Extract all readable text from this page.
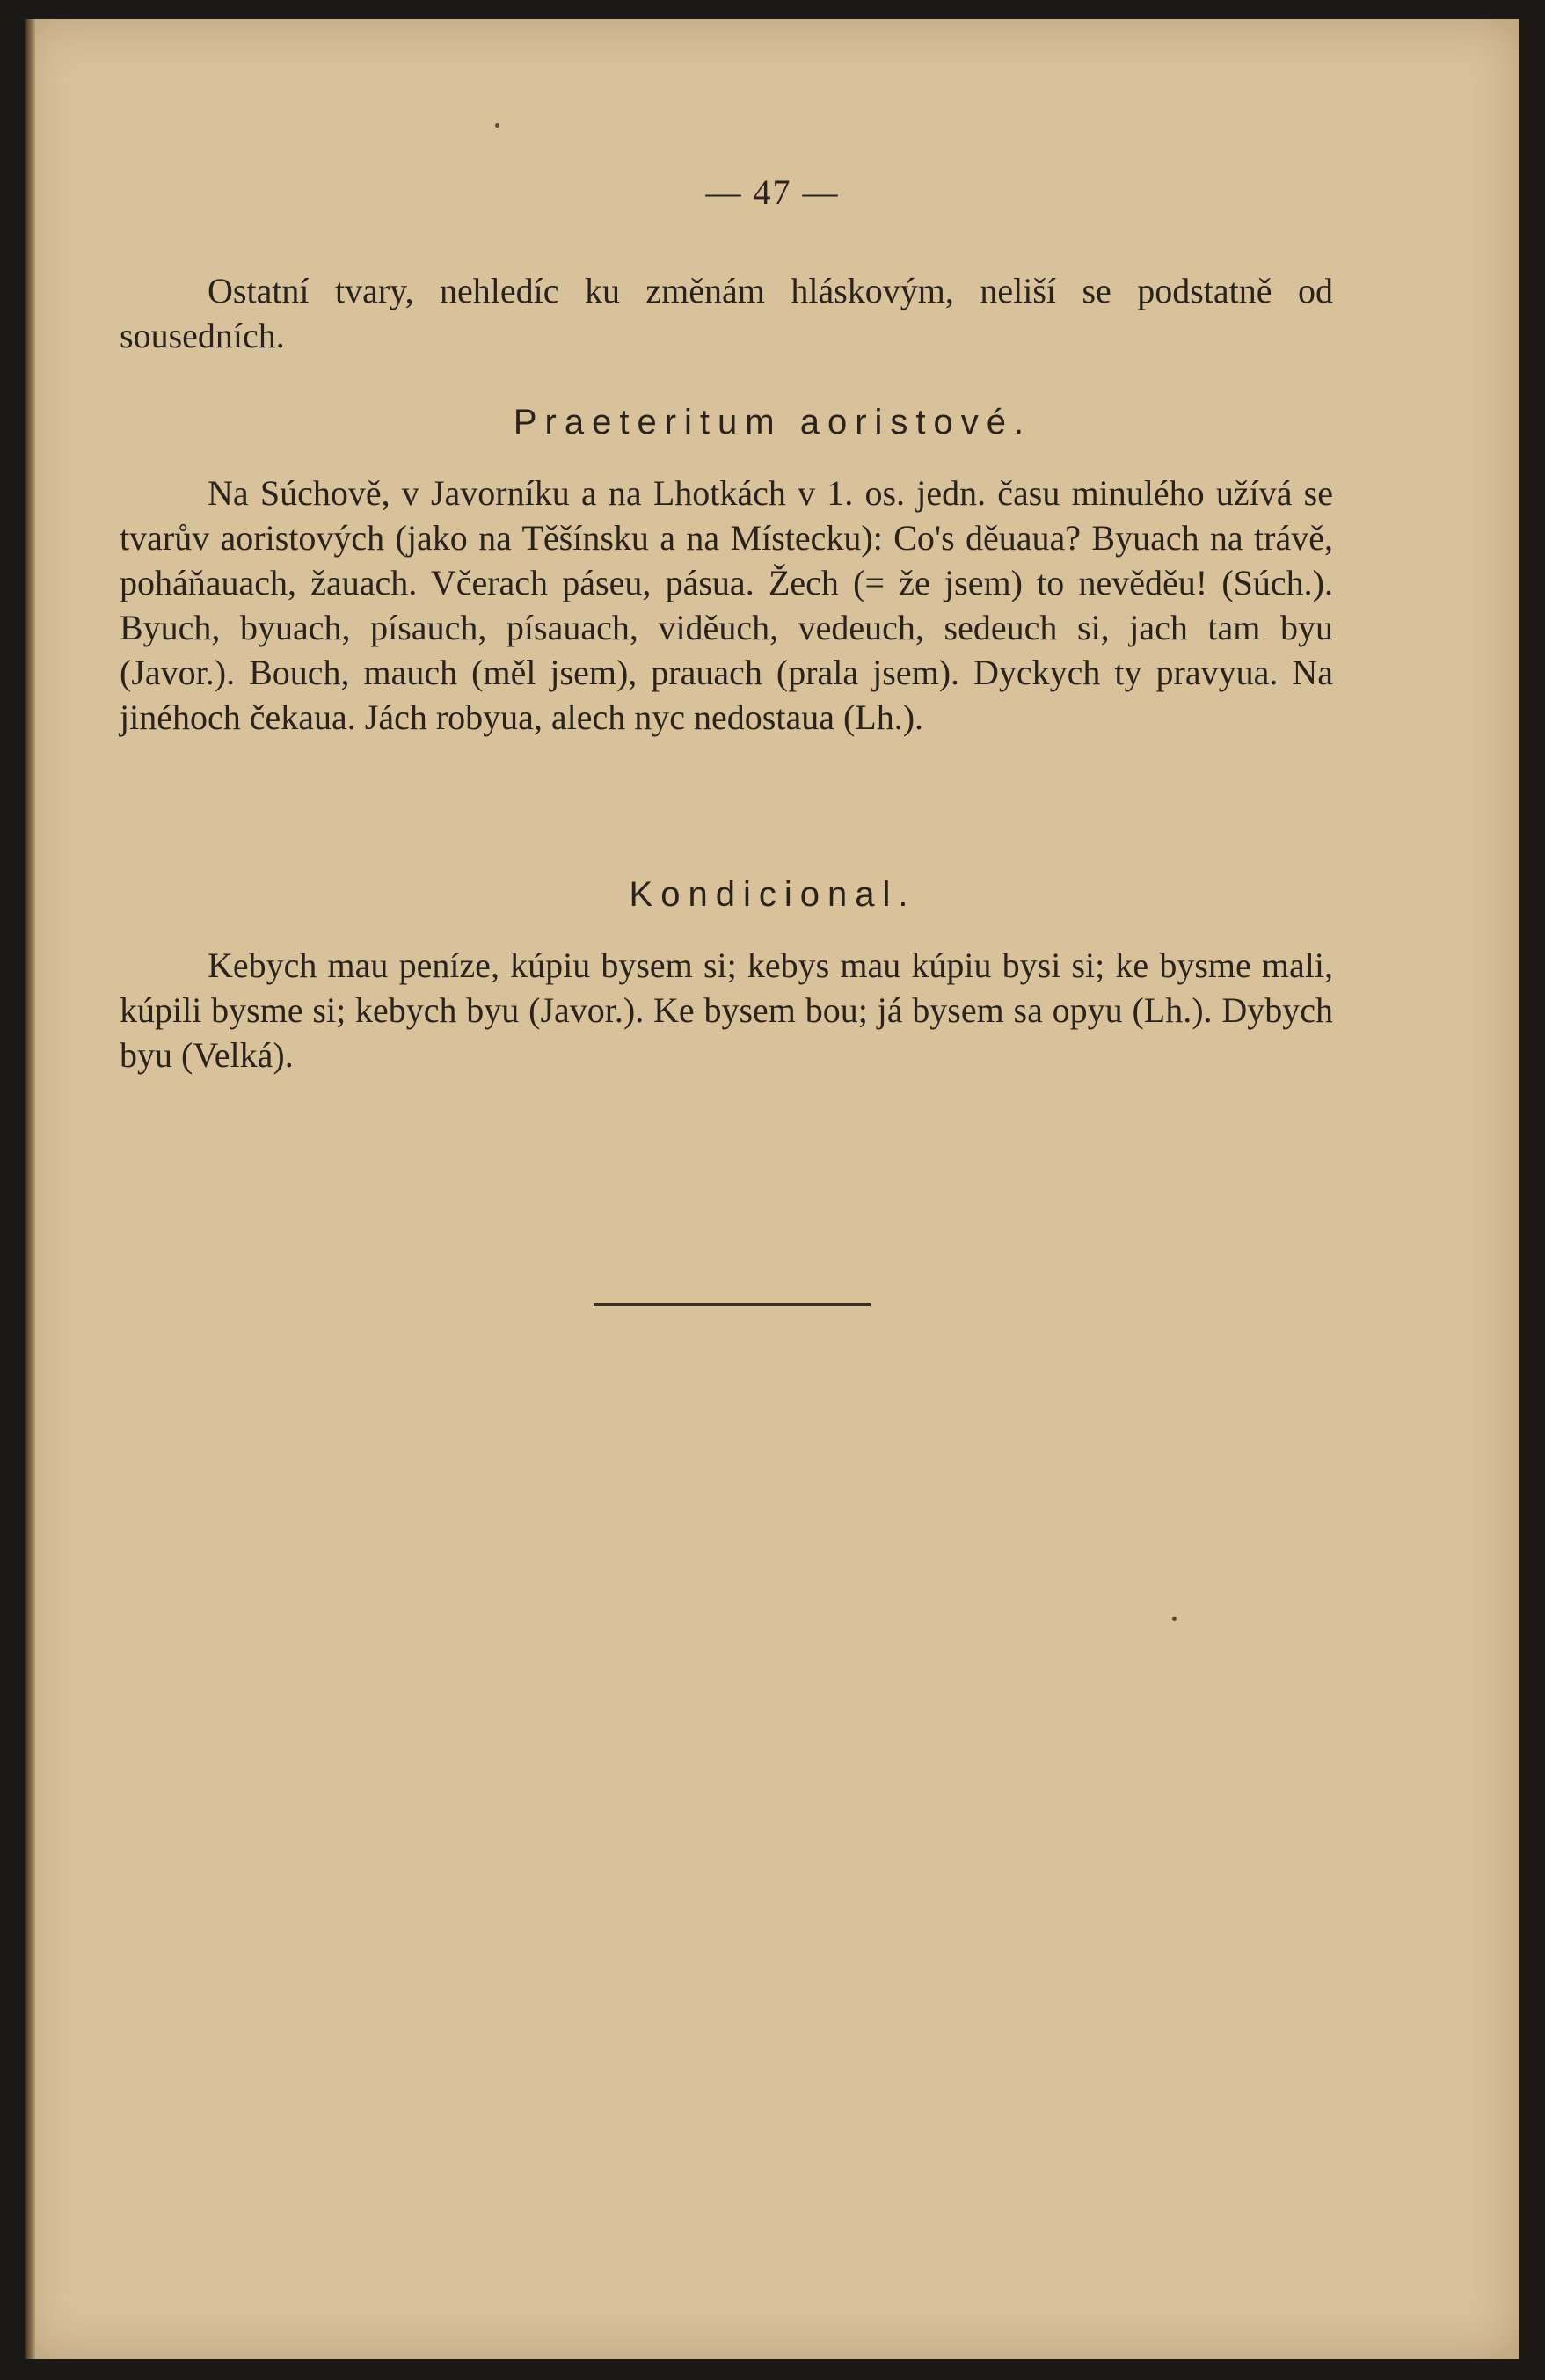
— 47 —
Ostatní tvary, nehledíc ku změnám hláskovým, neliší se podstatně od sousedních.
Praeteritum aoristové.
Na Súchově, v Javorníku a na Lhotkách v 1. os. jedn. času minulého užívá se tvarův aoristových (jako na Těšínsku a na Místecku): Co's děuaua? Byuach na trávě, poháňauach, žauach. Včerach páseu, pásua. Žech (= že jsem) to nevěděu! (Súch.). Byuch, byuach, písauch, písauach, viděuch, vedeuch, sedeuch si, jach tam byu (Javor.). Bouch, mauch (měl jsem), prauach (prala jsem). Dyckych ty pravyua. Na jinéhoch čekaua. Jách robyua, alech nyc nedostaua (Lh.).
Kondicional.
Kebych mau peníze, kúpiu bysem si; kebys mau kúpiu bysi si; ke bysme mali, kúpili bysme si; kebych byu (Javor.). Ke bysem bou; já bysem sa opyu (Lh.). Dybych byu (Velká).
